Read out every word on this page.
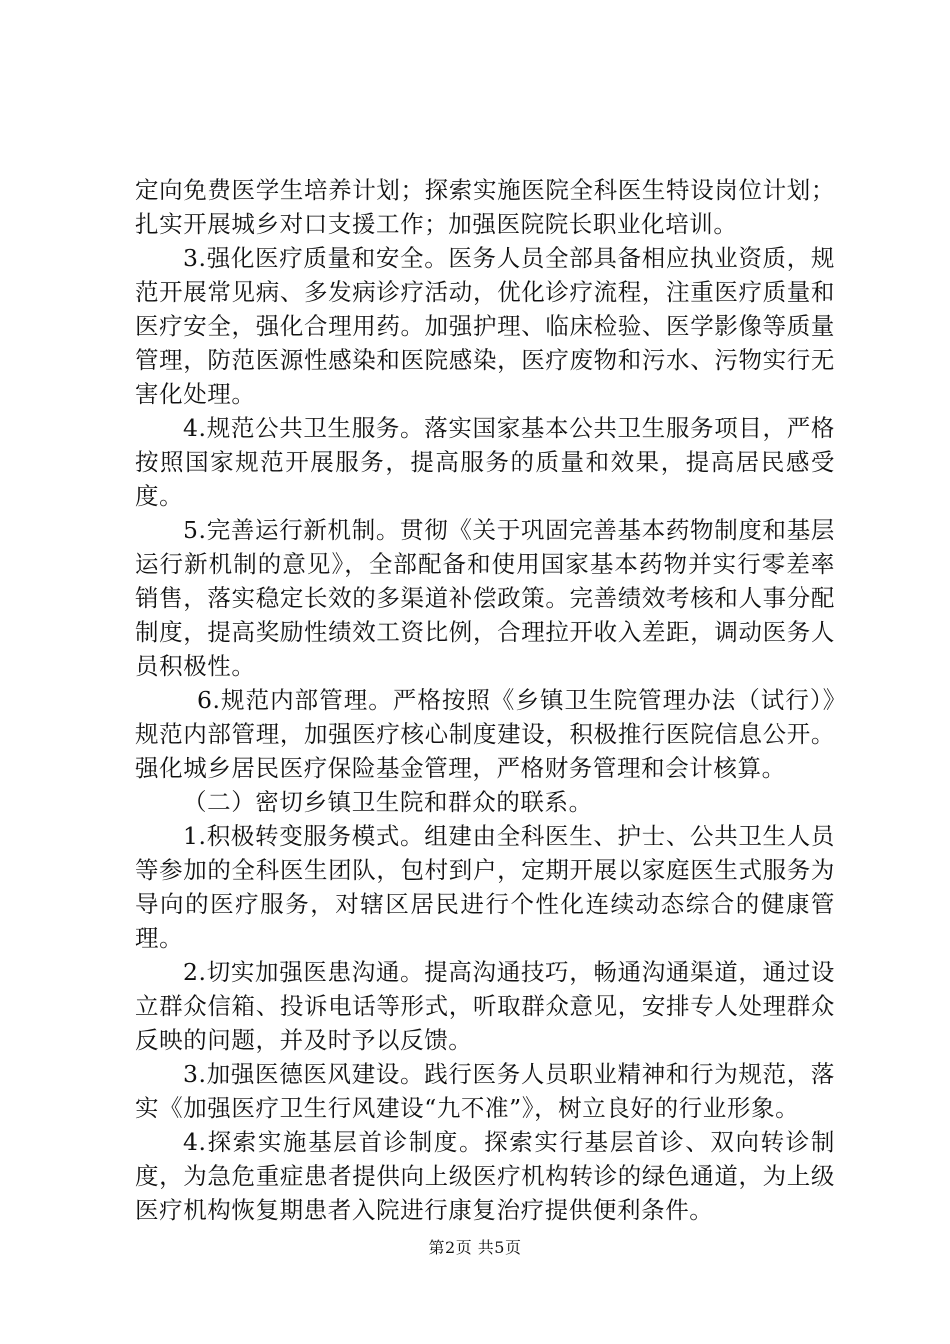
定向免费医学生培养计划；探索实施医院全科医生特设岗位计划；扎实开展城乡对口支援工作；加强医院院长职业化培训。

3.强化医疗质量和安全。医务人员全部具备相应执业资质，规范开展常见病、多发病诊疗活动，优化诊疗流程，注重医疗质量和医疗安全，强化合理用药。加强护理、临床检验、医学影像等质量管理，防范医源性感染和医院感染，医疗废物和污水、污物实行无害化处理。

4.规范公共卫生服务。落实国家基本公共卫生服务项目，严格按照国家规范开展服务，提高服务的质量和效果，提高居民感受度。

5.完善运行新机制。贯彻《关于巩固完善基本药物制度和基层运行新机制的意见》，全部配备和使用国家基本药物并实行零差率销售，落实稳定长效的多渠道补偿政策。完善绩效考核和人事分配制度，提高奖励性绩效工资比例，合理拉开收入差距，调动医务人员积极性。

6.规范内部管理。严格按照《乡镇卫生院管理办法（试行）》规范内部管理，加强医疗核心制度建设，积极推行医院信息公开。强化城乡居民医疗保险基金管理，严格财务管理和会计核算。

（二）密切乡镇卫生院和群众的联系。

1.积极转变服务模式。组建由全科医生、护士、公共卫生人员等参加的全科医生团队，包村到户，定期开展以家庭医生式服务为导向的医疗服务，对辖区居民进行个性化连续动态综合的健康管理。

2.切实加强医患沟通。提高沟通技巧，畅通沟通渠道，通过设立群众信箱、投诉电话等形式，听取群众意见，安排专人处理群众反映的问题，并及时予以反馈。

3.加强医德医风建设。践行医务人员职业精神和行为规范，落实《加强医疗卫生行风建设“九不准”》，树立良好的行业形象。

4.探索实施基层首诊制度。探索实行基层首诊、双向转诊制度，为急危重症患者提供向上级医疗机构转诊的绿色通道，为上级医疗机构恢复期患者入院进行康复治疗提供便利条件。

第2页 共5页
